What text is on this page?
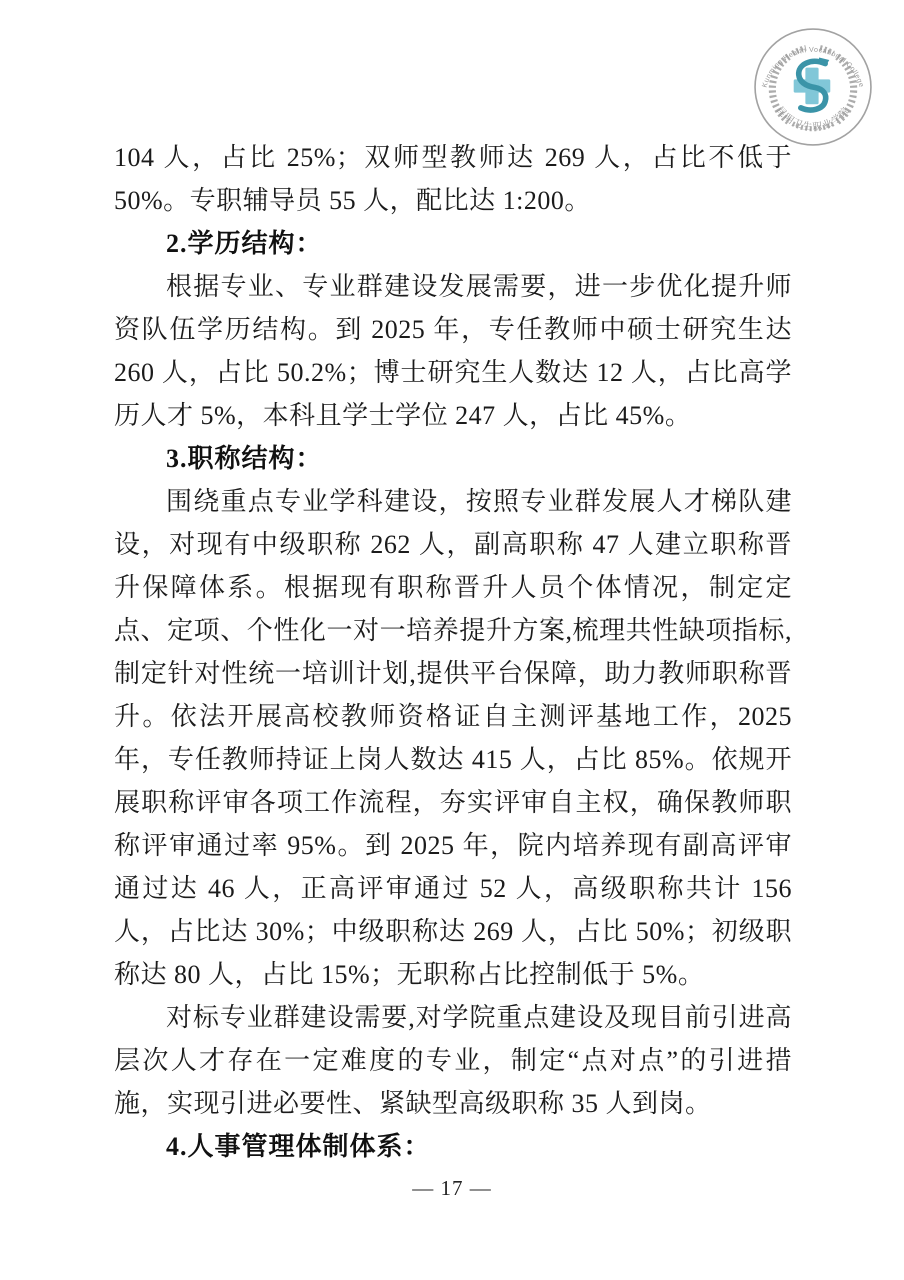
Kunming Health Vocational College
昆明卫生职业学院

104 人，占比 25%；双师型教师达 269 人，占比不低于 50%。专职辅导员 55 人，配比达 1:200。

2.学历结构：

根据专业、专业群建设发展需要，进一步优化提升师资队伍学历结构。到 2025 年，专任教师中硕士研究生达 260 人，占比 50.2%；博士研究生人数达 12 人，占比高学历人才 5%，本科且学士学位 247 人，占比 45%。

3.职称结构：

围绕重点专业学科建设，按照专业群发展人才梯队建设，对现有中级职称 262 人，副高职称 47 人建立职称晋升保障体系。根据现有职称晋升人员个体情况，制定定点、定项、个性化一对一培养提升方案,梳理共性缺项指标,制定针对性统一培训计划,提供平台保障，助力教师职称晋升。依法开展高校教师资格证自主测评基地工作，2025 年，专任教师持证上岗人数达 415 人，占比 85%。依规开展职称评审各项工作流程，夯实评审自主权，确保教师职称评审通过率 95%。到 2025 年，院内培养现有副高评审通过达 46 人，正高评审通过 52 人，高级职称共计 156 人，占比达 30%；中级职称达 269 人，占比 50%；初级职称达 80 人，占比 15%；无职称占比控制低于 5%。

对标专业群建设需要,对学院重点建设及现目前引进高层次人才存在一定难度的专业，制定“点对点”的引进措施，实现引进必要性、紧缺型高级职称 35 人到岗。

4.人事管理体制体系：
— 17 —
